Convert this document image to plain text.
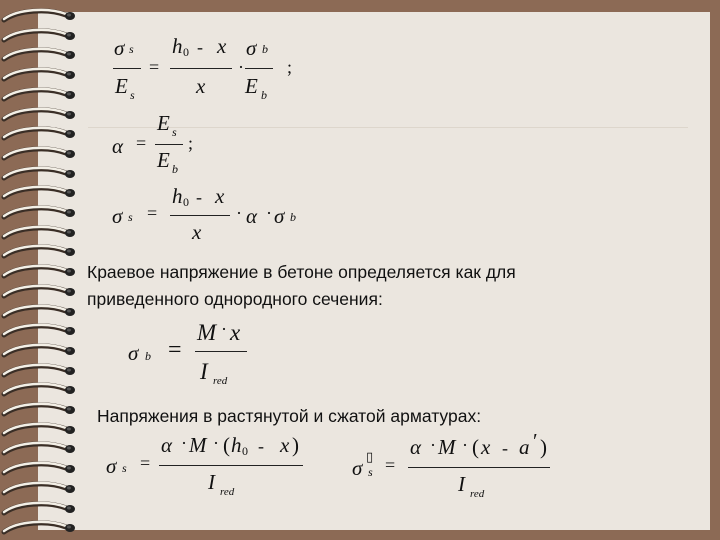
σ s
E s
=
h 0 - x
x
·
σ b
E b
;
α =
E s
E b
;
σ s =
h 0 - x
x
· α · σ b
Краевое напряжение в бетоне определяется как для
приведенного однородного сечения:
σ b =
M · x
I red
Напряжения в растянутой и сжатой арматурах:
σ s =
α · M · ( h 0 - x )
I red
σ ▯
s =
α · M · ( x - a ʹ )
I red
